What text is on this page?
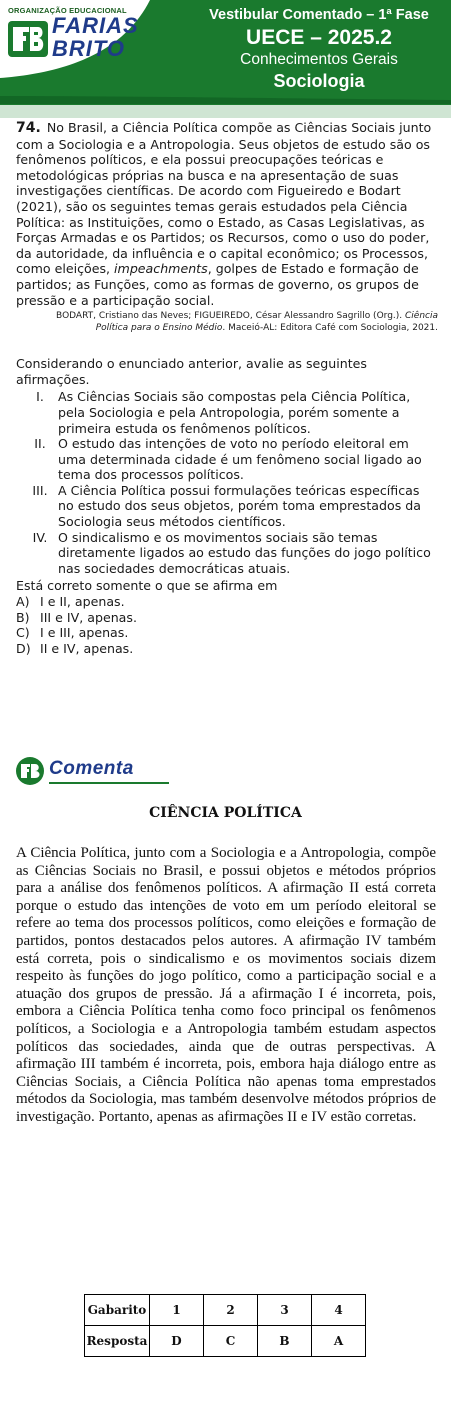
ORGANIZAÇÃO EDUCACIONAL
FARIAS
BRITO
Vestibular Comentado – 1ª Fase
UECE – 2025.2
Conhecimentos Gerais
Sociologia

74. No Brasil, a Ciência Política compõe as Ciências Sociais junto com a Sociologia e a Antropologia. Seus objetos de estudo são os fenômenos políticos, e ela possui preocupações teóricas e metodológicas próprias na busca e na apresentação de suas investigações científicas. De acordo com Figueiredo e Bodart (2021), são os seguintes temas gerais estudados pela Ciência Política: as Instituições, como o Estado, as Casas Legislativas, as Forças Armadas e os Partidos; os Recursos, como o uso do poder, da autoridade, da influência e o capital econômico; os Processos, como eleições, impeachments, golpes de Estado e formação de partidos; as Funções, como as formas de governo, os grupos de pressão e a participação social.

BODART, Cristiano das Neves; FIGUEIREDO, César Alessandro Sagrillo (Org.). Ciência Política para o Ensino Médio. Maceió-AL: Editora Café com Sociologia, 2021.

Considerando o enunciado anterior, avalie as seguintes afirmações.

I.	As Ciências Sociais são compostas pela Ciência Política, pela Sociologia e pela Antropologia, porém somente a primeira estuda os fenômenos políticos.
II. O estudo das intenções de voto no período eleitoral em uma determinada cidade é um fenômeno social ligado ao tema dos processos políticos.
III. A Ciência Política possui formulações teóricas específicas no estudo dos seus objetos, porém toma emprestados da Sociologia seus métodos científicos.
IV. O sindicalismo e os movimentos sociais são temas diretamente ligados ao estudo das funções do jogo político nas sociedades democráticas atuais.

Está correto somente o que se afirma em

A) I e II, apenas.
B) III e IV, apenas.
C) I e III, apenas.
D) II e IV, apenas.
Comenta
CIÊNCIA POLÍTICA

A Ciência Política, junto com a Sociologia e a Antropologia, compõe as Ciências Sociais no Brasil, e possui objetos e métodos próprios para a análise dos fenômenos políticos. A afirmação II está correta porque o estudo das intenções de voto em um período eleitoral se refere ao tema dos processos políticos, como eleições e formação de partidos, pontos destacados pelos autores. A afirmação IV também está correta, pois o sindicalismo e os movimentos sociais dizem respeito às funções do jogo político, como a participação social e a atuação dos grupos de pressão. Já a afirmação I é incorreta, pois, embora a Ciência Política tenha como foco principal os fenômenos políticos, a Sociologia e a Antropologia também estudam aspectos políticos das sociedades, ainda que de outras perspectivas. A afirmação III também é incorreta, pois, embora haja diálogo entre as Ciências Sociais, a Ciência Política não apenas toma emprestados métodos da Sociologia, mas também desenvolve métodos próprios de investigação. Portanto, apenas as afirmações II e IV estão corretas.

Gabarito	1	2	3	4
Resposta	D	C	B	A
